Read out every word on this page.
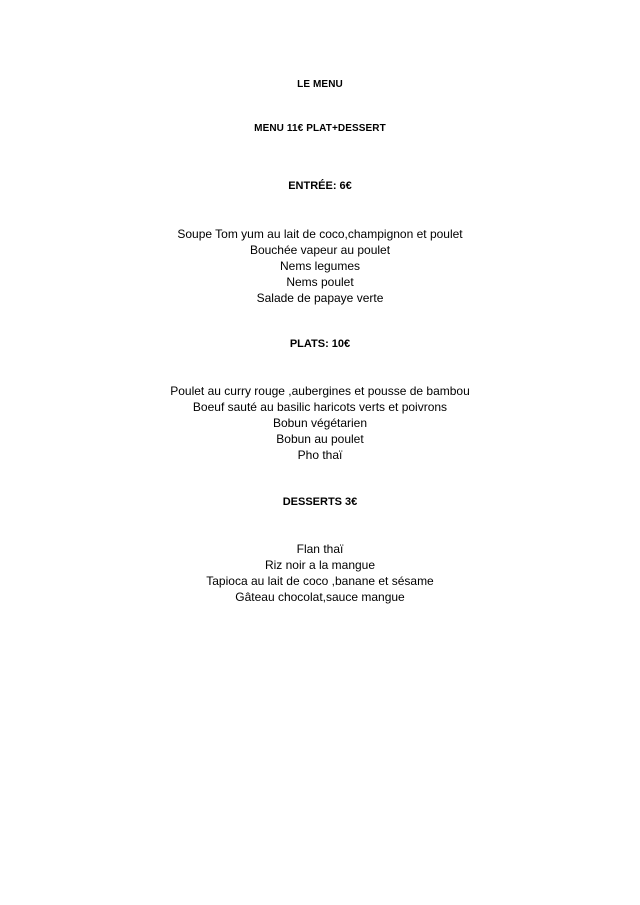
LE MENU
MENU 11€ PLAT+DESSERT
ENTRÉE: 6€
Soupe Tom yum au lait de coco,champignon et poulet
Bouchée vapeur au poulet
Nems legumes
Nems poulet
Salade de papaye verte
PLATS: 10€
Poulet au curry rouge ,aubergines et pousse de bambou
Boeuf sauté au basilic haricots verts et poivrons
Bobun végétarien
Bobun au poulet
Pho thaï
DESSERTS 3€
Flan thaï
Riz noir a la mangue
Tapioca au lait de coco ,banane et sésame
Gâteau chocolat,sauce mangue
